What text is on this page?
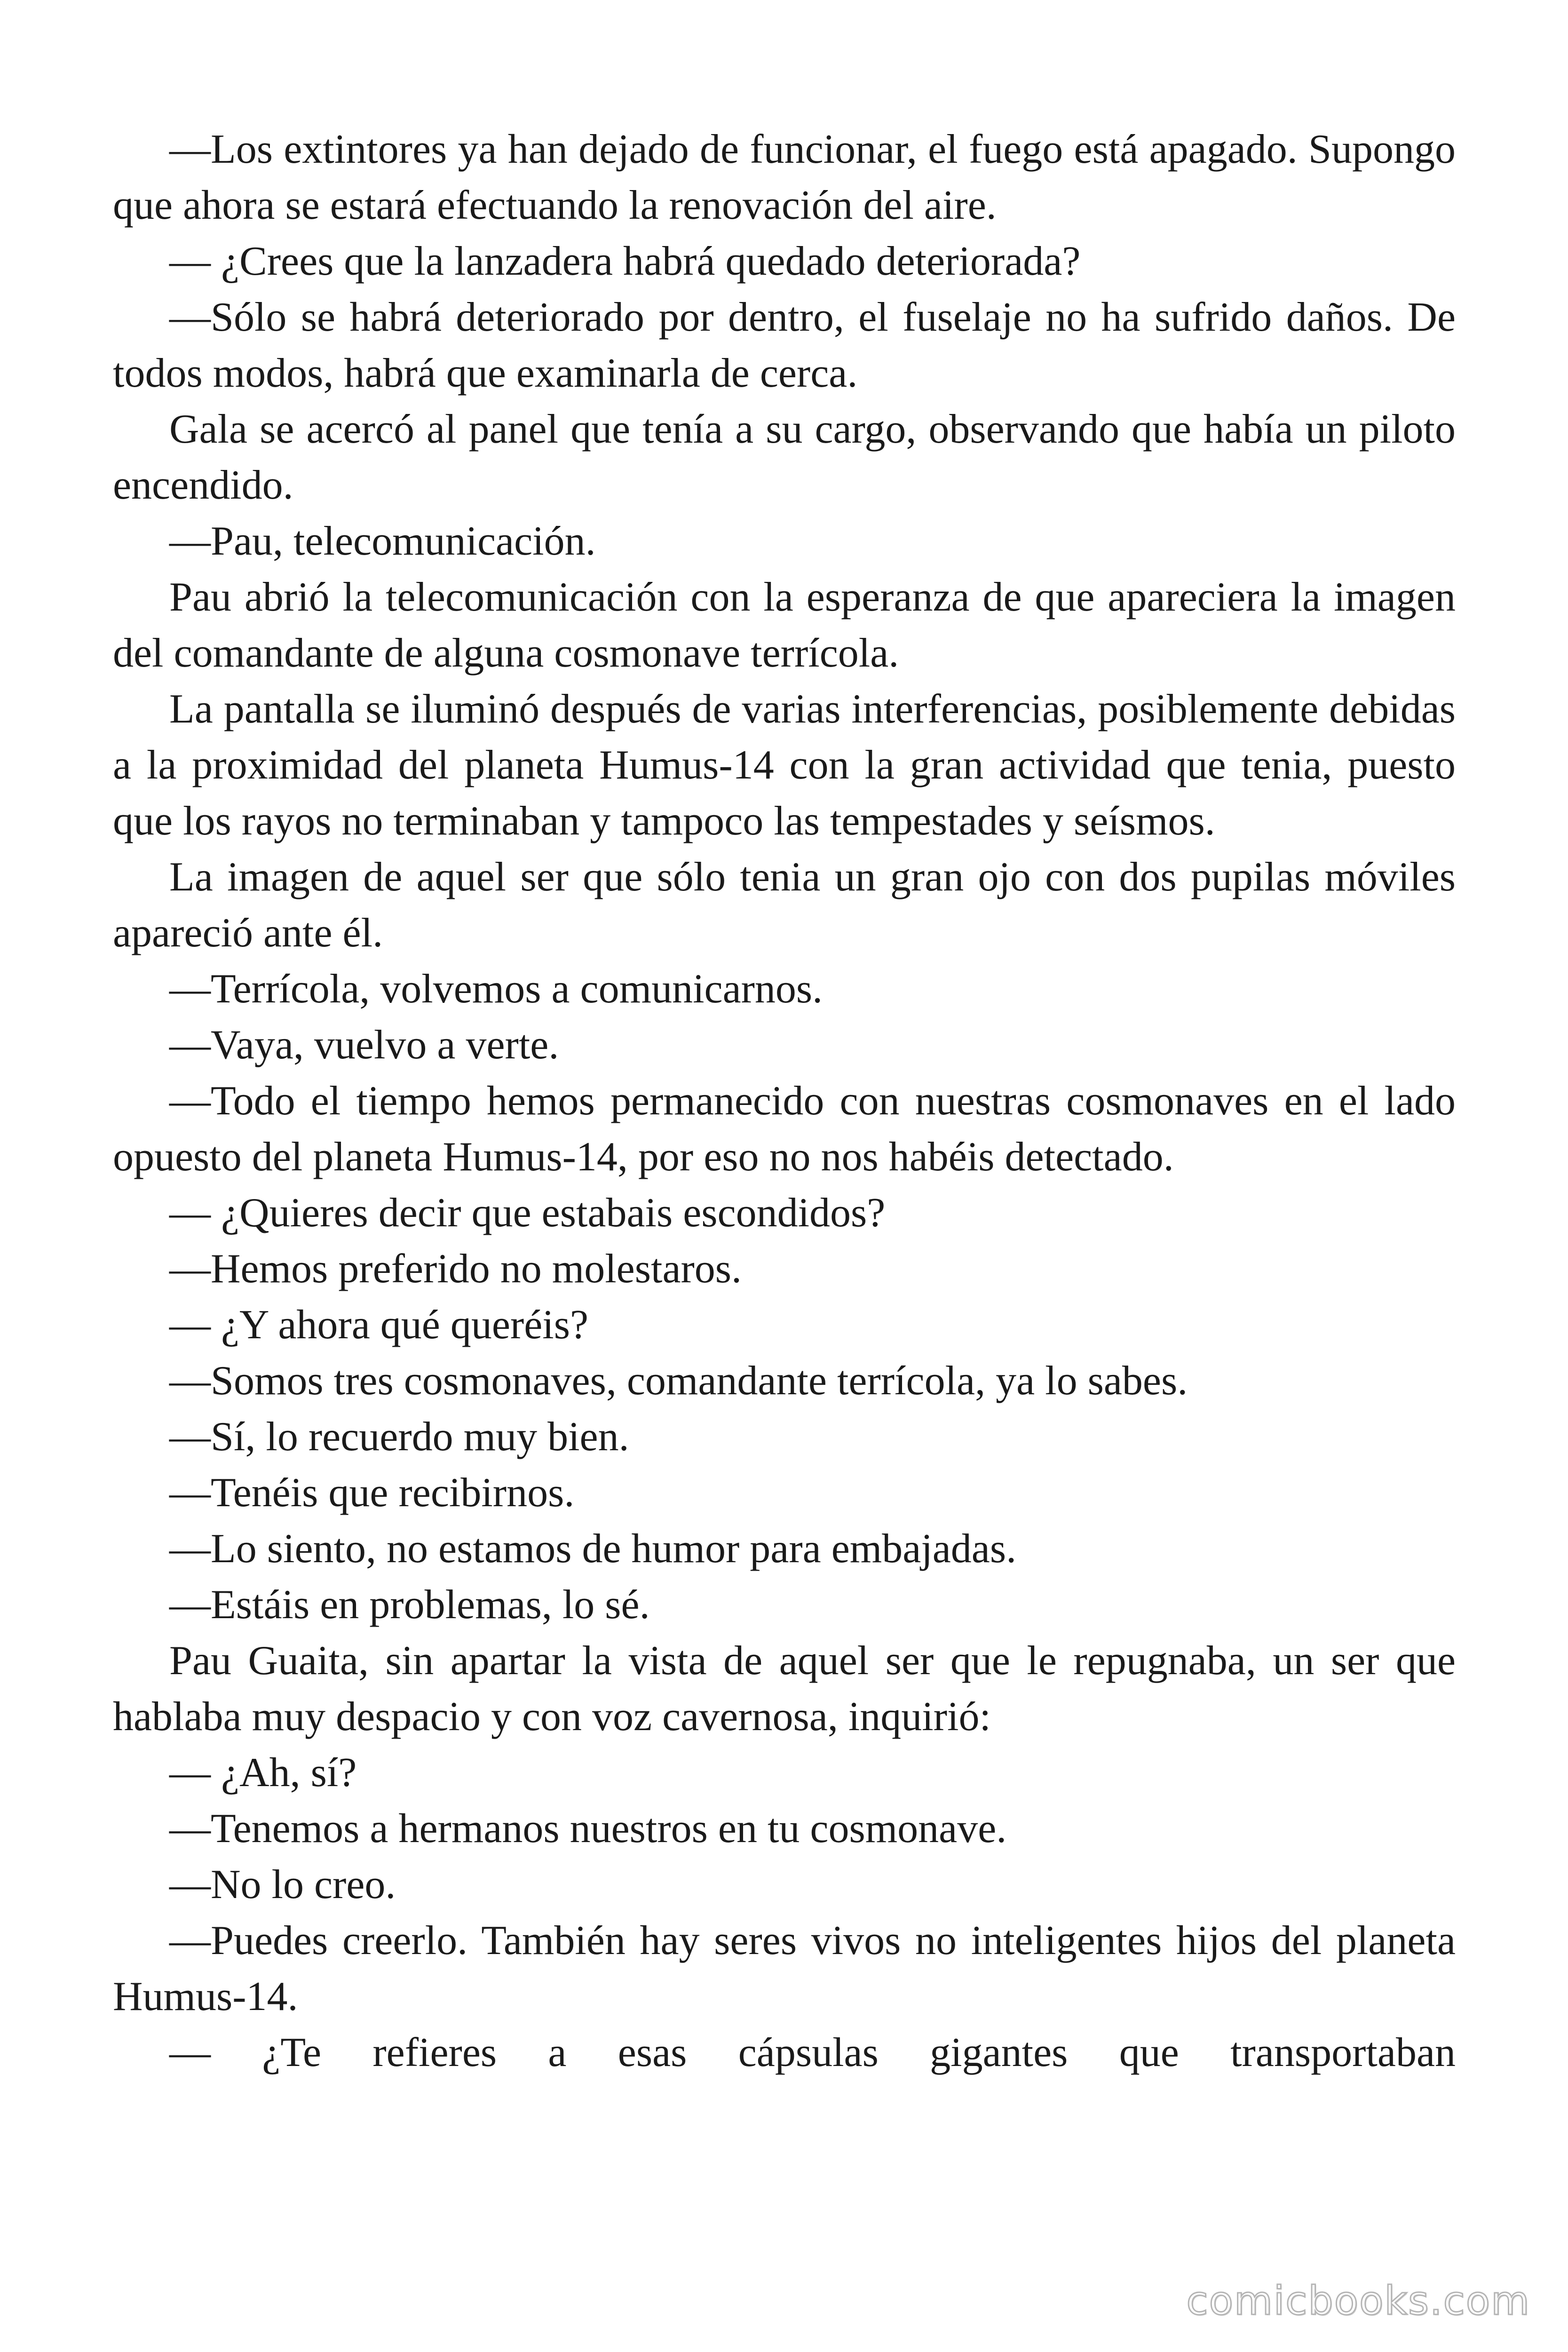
—Los extintores ya han dejado de funcionar, el fuego está apagado. Supongo que ahora se estará efectuando la renovación del aire.

— ¿Crees que la lanzadera habrá quedado deteriorada?

—Sólo se habrá deteriorado por dentro, el fuselaje no ha sufrido daños. De todos modos, habrá que examinarla de cerca.

Gala se acercó al panel que tenía a su cargo, observando que había un piloto encendido.

—Pau, telecomunicación.

Pau abrió la telecomunicación con la esperanza de que apareciera la imagen del comandante de alguna cosmonave terrícola.

La pantalla se iluminó después de varias interferencias, posiblemente debidas a la proximidad del planeta Humus-14 con la gran actividad que tenia, puesto que los rayos no terminaban y tampoco las tempestades y seísmos.

La imagen de aquel ser que sólo tenia un gran ojo con dos pupilas móviles apareció ante él.

—Terrícola, volvemos a comunicarnos.

—Vaya, vuelvo a verte.

—Todo el tiempo hemos permanecido con nuestras cosmonaves en el lado opuesto del planeta Humus-14, por eso no nos habéis detectado.

— ¿Quieres decir que estabais escondidos?

—Hemos preferido no molestaros.

— ¿Y ahora qué queréis?

—Somos tres cosmonaves, comandante terrícola, ya lo sabes.

—Sí, lo recuerdo muy bien.

—Tenéis que recibirnos.

—Lo siento, no estamos de humor para embajadas.

—Estáis en problemas, lo sé.

Pau Guaita, sin apartar la vista de aquel ser que le repugnaba, un ser que hablaba muy despacio y con voz cavernosa, inquirió:

— ¿Ah, sí?

—Tenemos a hermanos nuestros en tu cosmonave.

—No lo creo.

—Puedes creerlo. También hay seres vivos no inteligentes hijos del planeta Humus-14.

— ¿Te refieres a esas cápsulas gigantes que transportaban

comicbooks.com
